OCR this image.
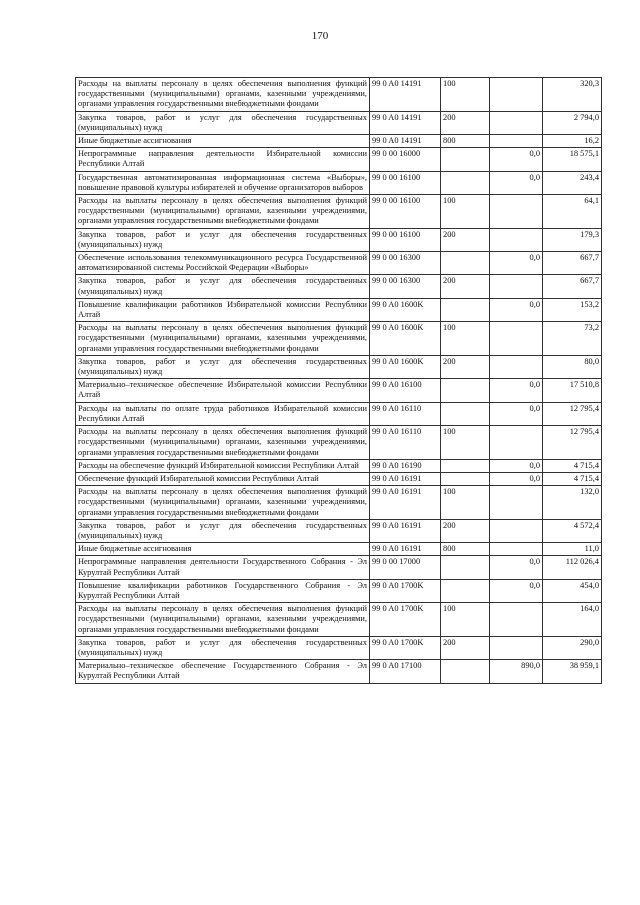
170
Расходы на выплаты персоналу в целях обеспечения выполнения функций государственными (муниципальными) органами, казенными учреждениями, органами управления государственными внебюджетными фондами	99 0 A0 14191	100		320,3
Закупка товаров, работ и услуг для обеспечения государственных (муниципальных) нужд	99 0 A0 14191	200		2 794,0
Иные бюджетные ассигнования	99 0 A0 14191	800		16,2
Непрограммные направления деятельности Избирательной комиссии Республики Алтай	99 0 00 16000		0,0	18 575,1
Государственная автоматизированная информационная система «Выборы», повышение правовой культуры избирателей и обучение организаторов выборов	99 0 00 16100		0,0	243,4
Расходы на выплаты персоналу в целях обеспечения выполнения функций государственными (муниципальными) органами, казенными учреждениями, органами управления государственными внебюджетными фондами	99 0 00 16100	100		64,1
Закупка товаров, работ и услуг для обеспечения государственных (муниципальных) нужд	99 0 00 16100	200		179,3
Обеспечение использования телекоммуникационного ресурса Государственной автоматизированной системы Российской Федерации «Выборы»	99 0 00 16300		0,0	667,7
Закупка товаров, работ и услуг для обеспечения государственных (муниципальных) нужд	99 0 00 16300	200		667,7
Повышение квалификации работников Избирательной комиссии Республики Алтай	99 0 A0 1600K		0,0	153,2
Расходы на выплаты персоналу в целях обеспечения выполнения функций государственными (муниципальными) органами, казенными учреждениями, органами управления государственными внебюджетными фондами	99 0 A0 1600K	100		73,2
Закупка товаров, работ и услуг для обеспечения государственных (муниципальных) нужд	99 0 A0 1600K	200		80,0
Материально–техническое обеспечение Избирательной комиссии Республики Алтай	99 0 A0 16100		0,0	17 510,8
Расходы на выплаты по оплате труда работников Избирательной комиссии Республики Алтай	99 0 A0 16110		0,0	12 795,4
Расходы на выплаты персоналу в целях обеспечения выполнения функций государственными (муниципальными) органами, казенными учреждениями, органами управления государственными внебюджетными фондами	99 0 A0 16110	100		12 795,4
Расходы на обеспечение функций Избирательной комиссии Республики Алтай	99 0 A0 16190		0,0	4 715,4
Обеспечение функций Избирательной комиссии Республики Алтай	99 0 A0 16191		0,0	4 715,4
Расходы на выплаты персоналу в целях обеспечения выполнения функций государственными (муниципальными) органами, казенными учреждениями, органами управления государственными внебюджетными фондами	99 0 A0 16191	100		132,0
Закупка товаров, работ и услуг для обеспечения государственных (муниципальных) нужд	99 0 A0 16191	200		4 572,4
Иные бюджетные ассигнования	99 0 A0 16191	800		11,0
Непрограммные направления деятельности Государственного Собрания - Эл Курултай Республики Алтай	99 0 00 17000		0,0	112 026,4
Повышение квалификации работников Государственного Собрания - Эл Курултай Республики Алтай	99 0 A0 1700K		0,0	454,0
Расходы на выплаты персоналу в целях обеспечения выполнения функций государственными (муниципальными) органами, казенными учреждениями, органами управления государственными внебюджетными фондами	99 0 A0 1700K	100		164,0
Закупка товаров, работ и услуг для обеспечения государственных (муниципальных) нужд	99 0 A0 1700K	200		290,0
Материально–техническое обеспечение Государственного Собрания - Эл Курултай Республики Алтай	99 0 A0 17100		890,0	38 959,1
